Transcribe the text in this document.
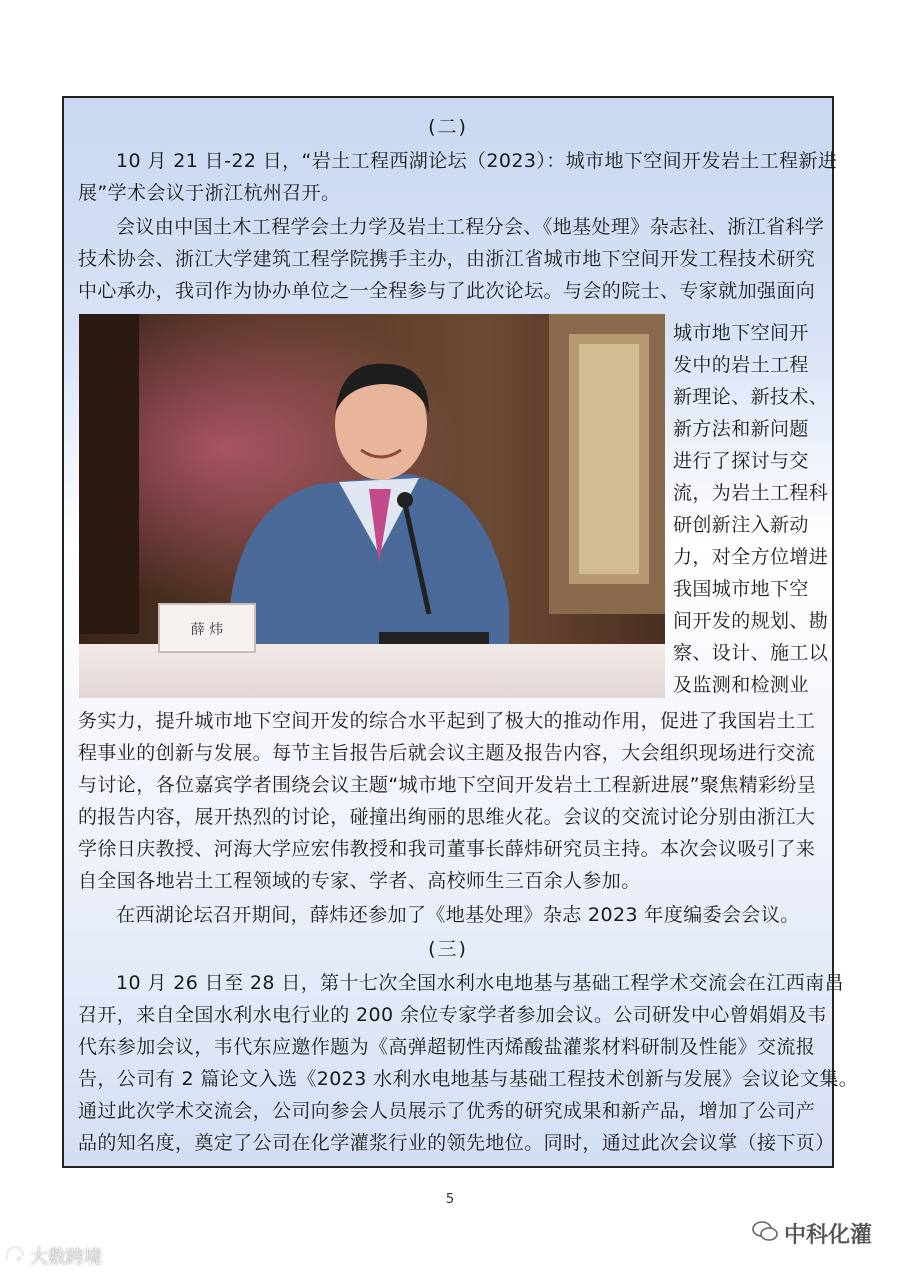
(二)
10 月 21 日-22 日，“岩土工程西湖论坛（2023）：城市地下空间开发岩土工程新进
展”学术会议于浙江杭州召开。
会议由中国土木工程学会土力学及岩土工程分会、《地基处理》杂志社、浙江省科学
技术协会、浙江大学建筑工程学院携手主办，由浙江省城市地下空间开发工程技术研究
中心承办，我司作为协办单位之一全程参与了此次论坛。与会的院士、专家就加强面向
薛 炜
城市地下空间开
发中的岩土工程
新理论、新技术、
新方法和新问题
进行了探讨与交
流，为岩土工程科
研创新注入新动
力，对全方位增进
我国城市地下空
间开发的规划、勘
察、设计、施工以
及监测和检测业
务实力，提升城市地下空间开发的综合水平起到了极大的推动作用，促进了我国岩土工
程事业的创新与发展。每节主旨报告后就会议主题及报告内容，大会组织现场进行交流
与讨论，各位嘉宾学者围绕会议主题“城市地下空间开发岩土工程新进展”聚焦精彩纷呈
的报告内容，展开热烈的讨论，碰撞出绚丽的思维火花。会议的交流讨论分别由浙江大
学徐日庆教授、河海大学应宏伟教授和我司董事长薛炜研究员主持。本次会议吸引了来
自全国各地岩土工程领域的专家、学者、高校师生三百余人参加。
在西湖论坛召开期间，薛炜还参加了《地基处理》杂志 2023 年度编委会会议。
(三)
10 月 26 日至 28 日，第十七次全国水利水电地基与基础工程学术交流会在江西南昌
召开，来自全国水利水电行业的 200 余位专家学者参加会议。公司研发中心曾娟娟及韦
代东参加会议，韦代东应邀作题为《高弹超韧性丙烯酸盐灌浆材料研制及性能》交流报
告，公司有 2 篇论文入选《2023 水利水电地基与基础工程技术创新与发展》会议论文集。
通过此次学术交流会，公司向参会人员展示了优秀的研究成果和新产品，增加了公司产
品的知名度，奠定了公司在化学灌浆行业的领先地位。同时，通过此次会议掌（接下页）
5
中科化灌
大数跨境
